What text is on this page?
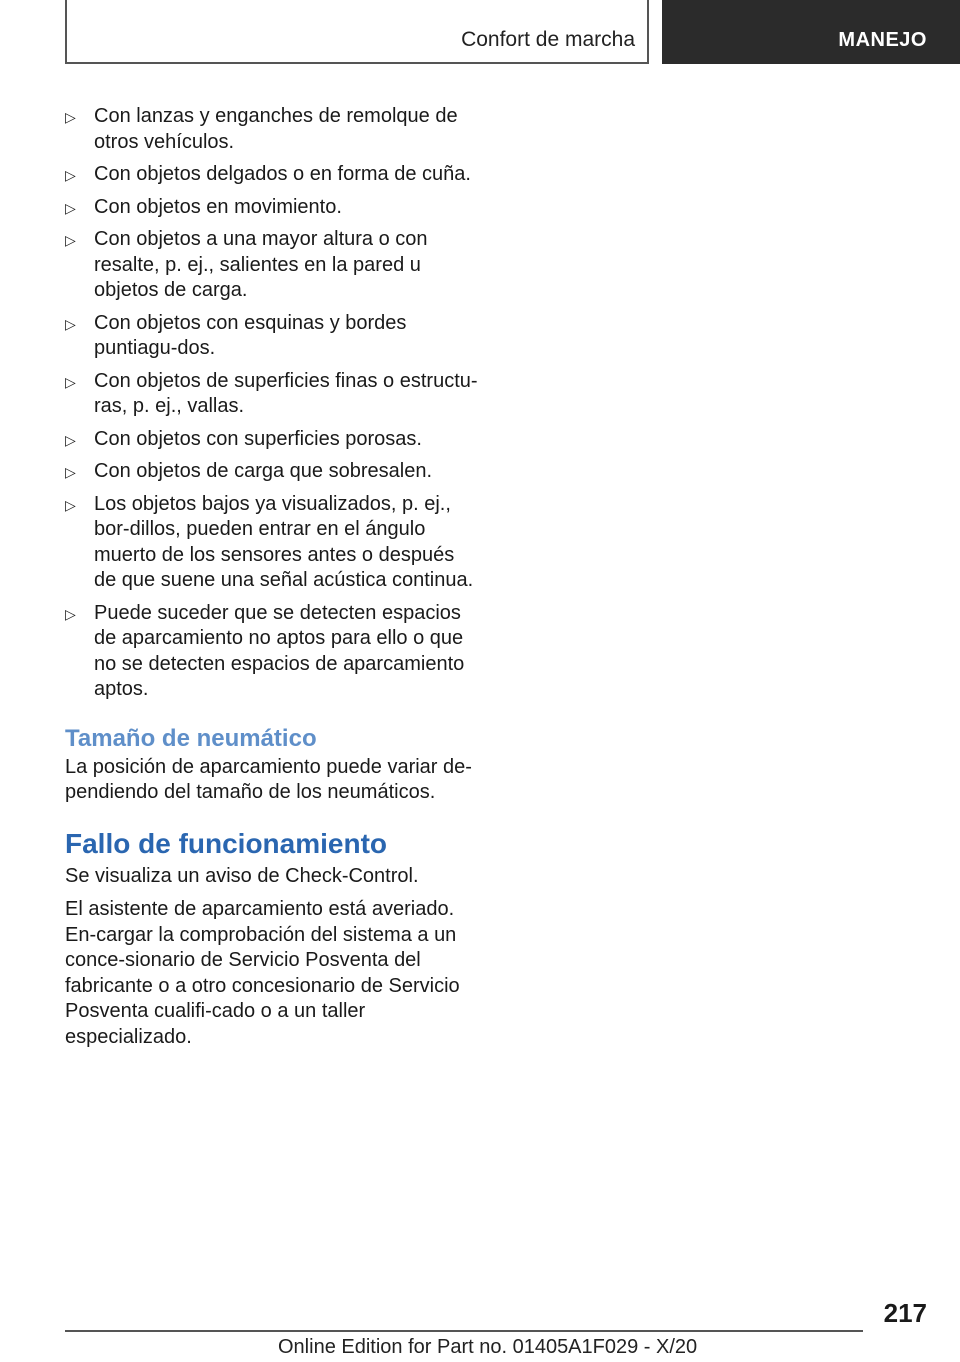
Confort de marcha	MANEJO
▷ Con lanzas y enganches de remolque de otros vehículos.
▷ Con objetos delgados o en forma de cuña.
▷ Con objetos en movimiento.
▷ Con objetos a una mayor altura o con resalte, p. ej., salientes en la pared u objetos de carga.
▷ Con objetos con esquinas y bordes puntiagu-dos.
▷ Con objetos de superficies finas o estructu-ras, p. ej., vallas.
▷ Con objetos con superficies porosas.
▷ Con objetos de carga que sobresalen.
▷ Los objetos bajos ya visualizados, p. ej., bor-dillos, pueden entrar en el ángulo muerto de los sensores antes o después de que suene una señal acústica continua.
▷ Puede suceder que se detecten espacios de aparcamiento no aptos para ello o que no se detecten espacios de aparcamiento aptos.
Tamaño de neumático

La posición de aparcamiento puede variar de-pendiendo del tamaño de los neumáticos.

Fallo de funcionamiento

Se visualiza un aviso de Check-Control.

El asistente de aparcamiento está averiado. En-cargar la comprobación del sistema a un conce-sionario de Servicio Posventa del fabricante o a otro concesionario de Servicio Posventa cualifi-cado o a un taller especializado.

217
Online Edition for Part no. 01405A1F029 - X/20
